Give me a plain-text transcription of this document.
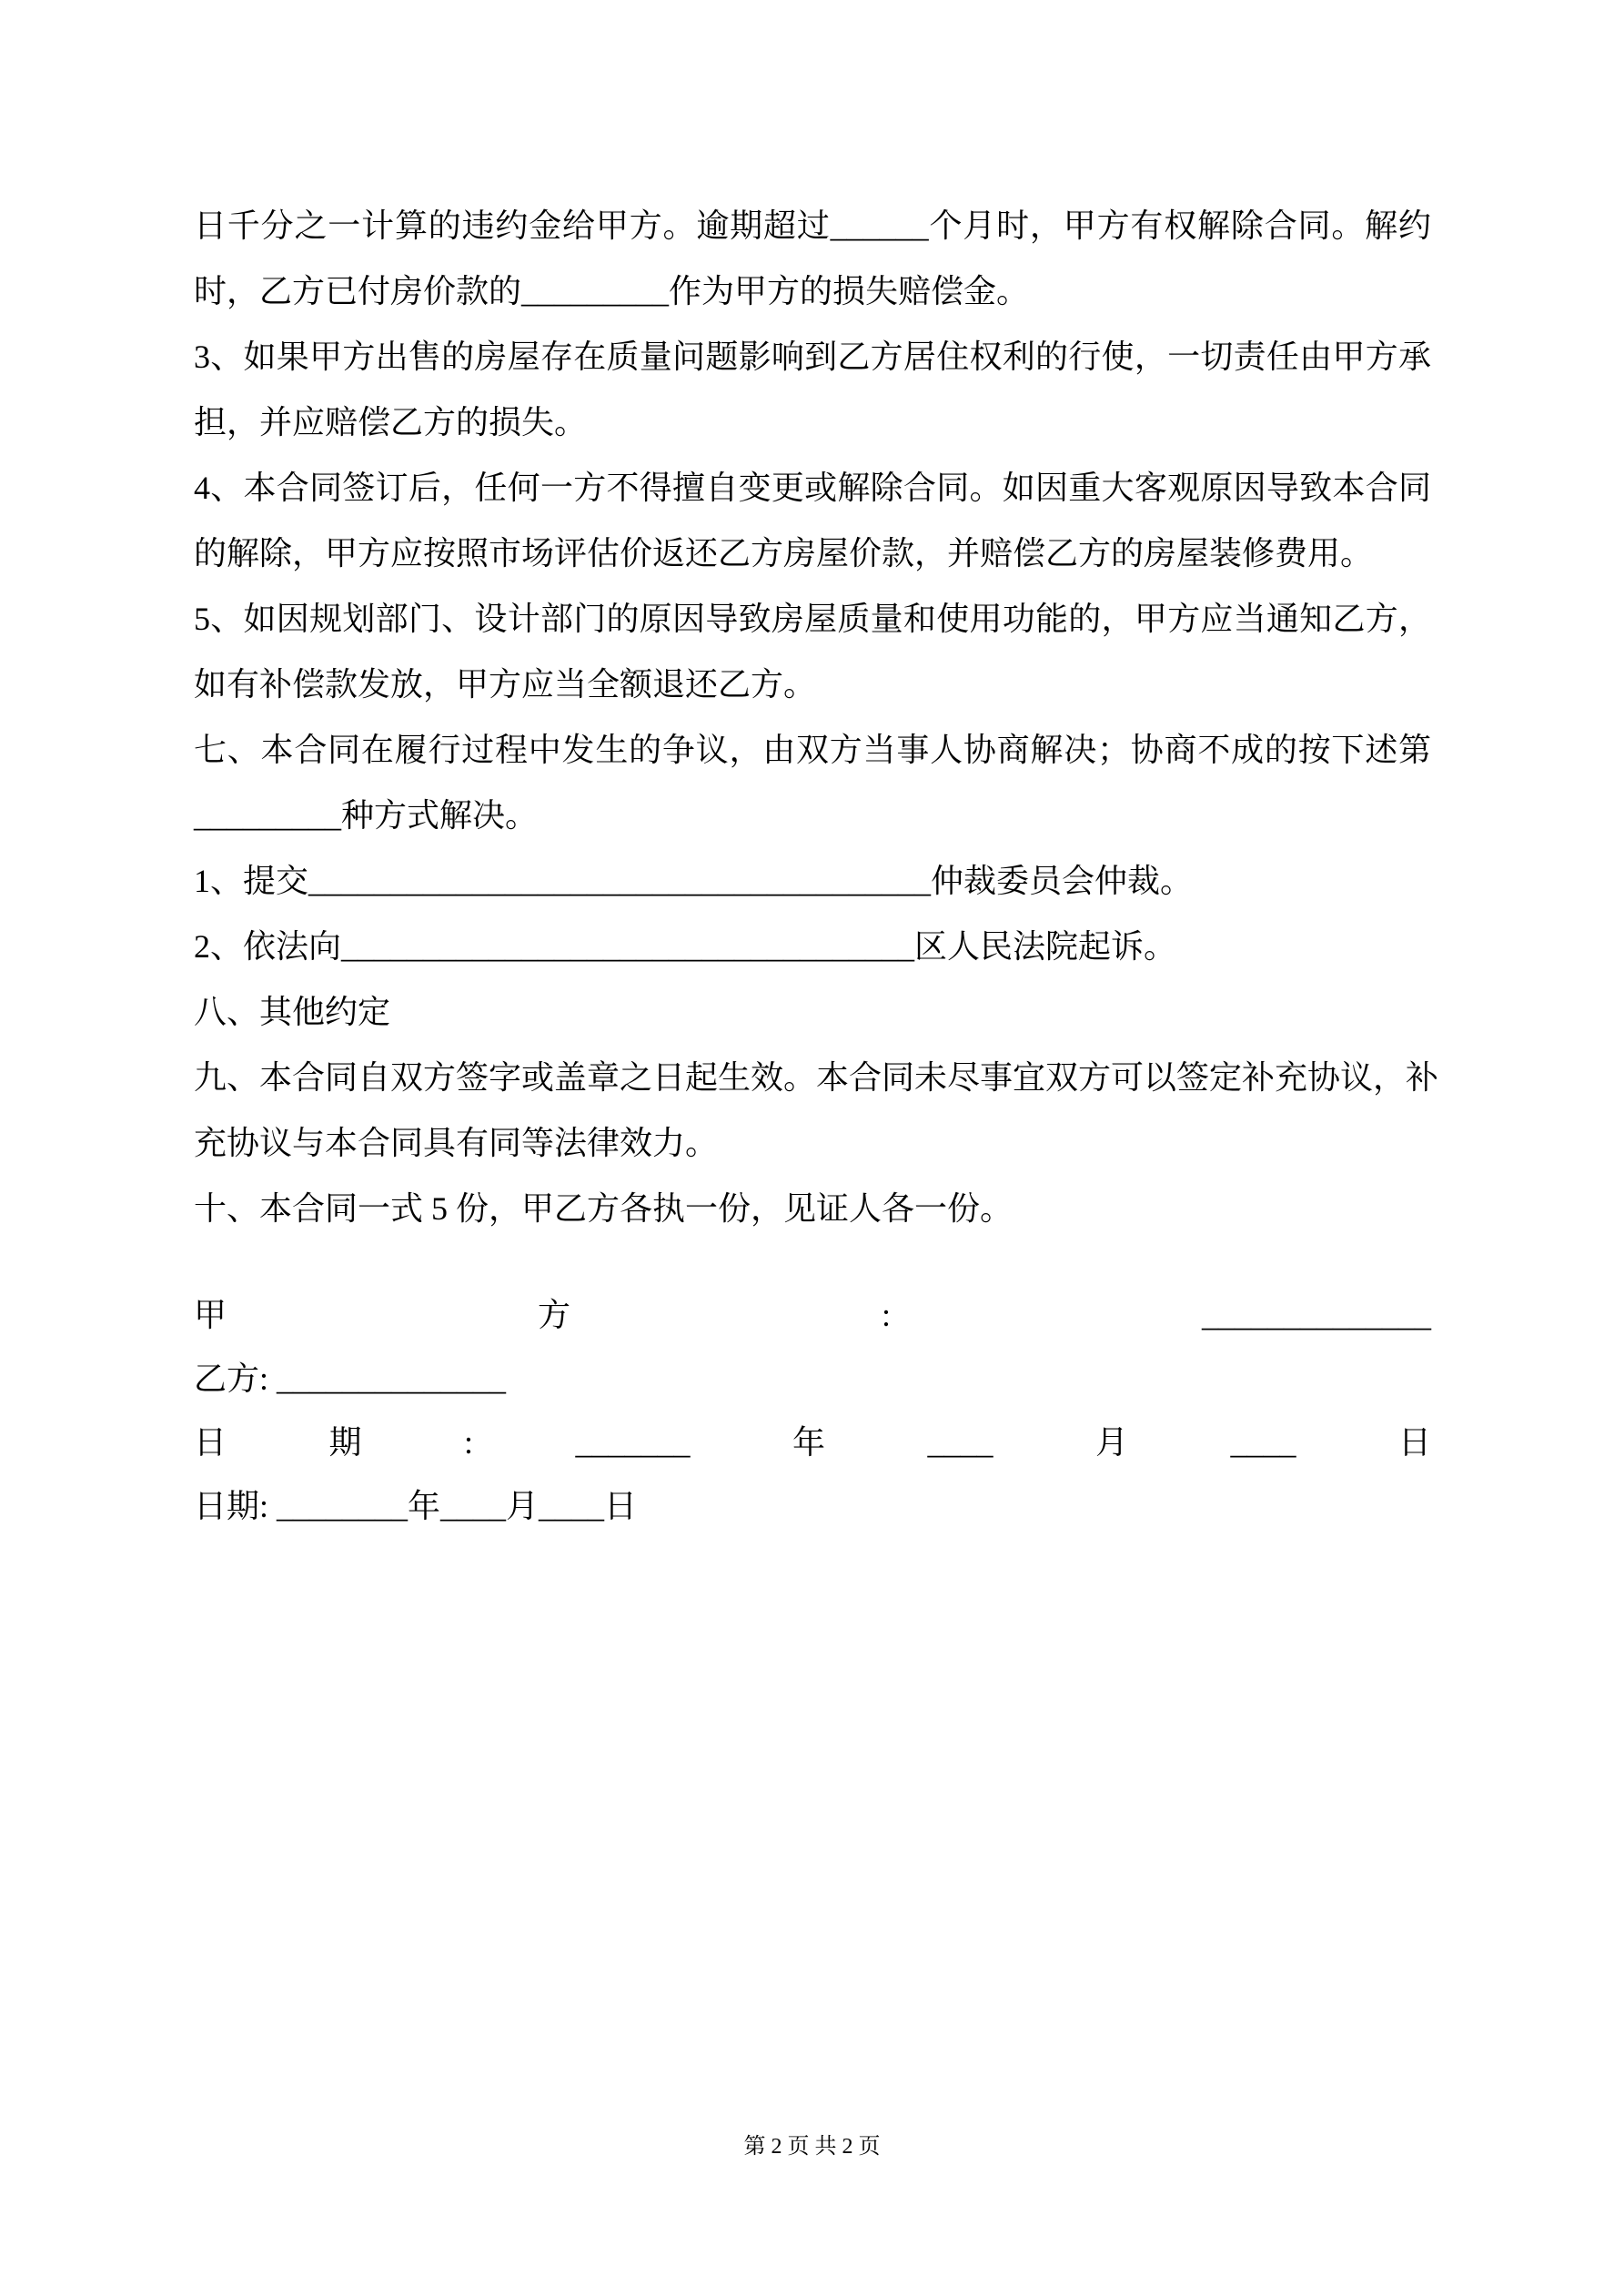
日千分之一计算的违约金给甲方。逾期超过______个月时，甲方有权解除合同。解约
时，乙方已付房价款的_________作为甲方的损失赔偿金。
3、如果甲方出售的房屋存在质量问题影响到乙方居住权利的行使，一切责任由甲方承
担，并应赔偿乙方的损失。
4、本合同签订后，任何一方不得擅自变更或解除合同。如因重大客观原因导致本合同
的解除，甲方应按照市场评估价返还乙方房屋价款，并赔偿乙方的房屋装修费用。
5、如因规划部门、设计部门的原因导致房屋质量和使用功能的，甲方应当通知乙方，
如有补偿款发放，甲方应当全额退还乙方。
七、本合同在履行过程中发生的争议，由双方当事人协商解决；协商不成的按下述第
_________种方式解决。
1、提交______________________________________仲裁委员会仲裁。
2、依法向___________________________________区人民法院起诉。
八、其他约定
九、本合同自双方签字或盖章之日起生效。本合同未尽事宜双方可以签定补充协议，补
充协议与本合同具有同等法律效力。
十、本合同一式 5 份，甲乙方各执一份，见证人各一份。
甲	方	:	______________
乙方: ______________
日	期	:	_______	年	____	月	____	日
日期: ________年____月____日
第 2 页 共 2 页
